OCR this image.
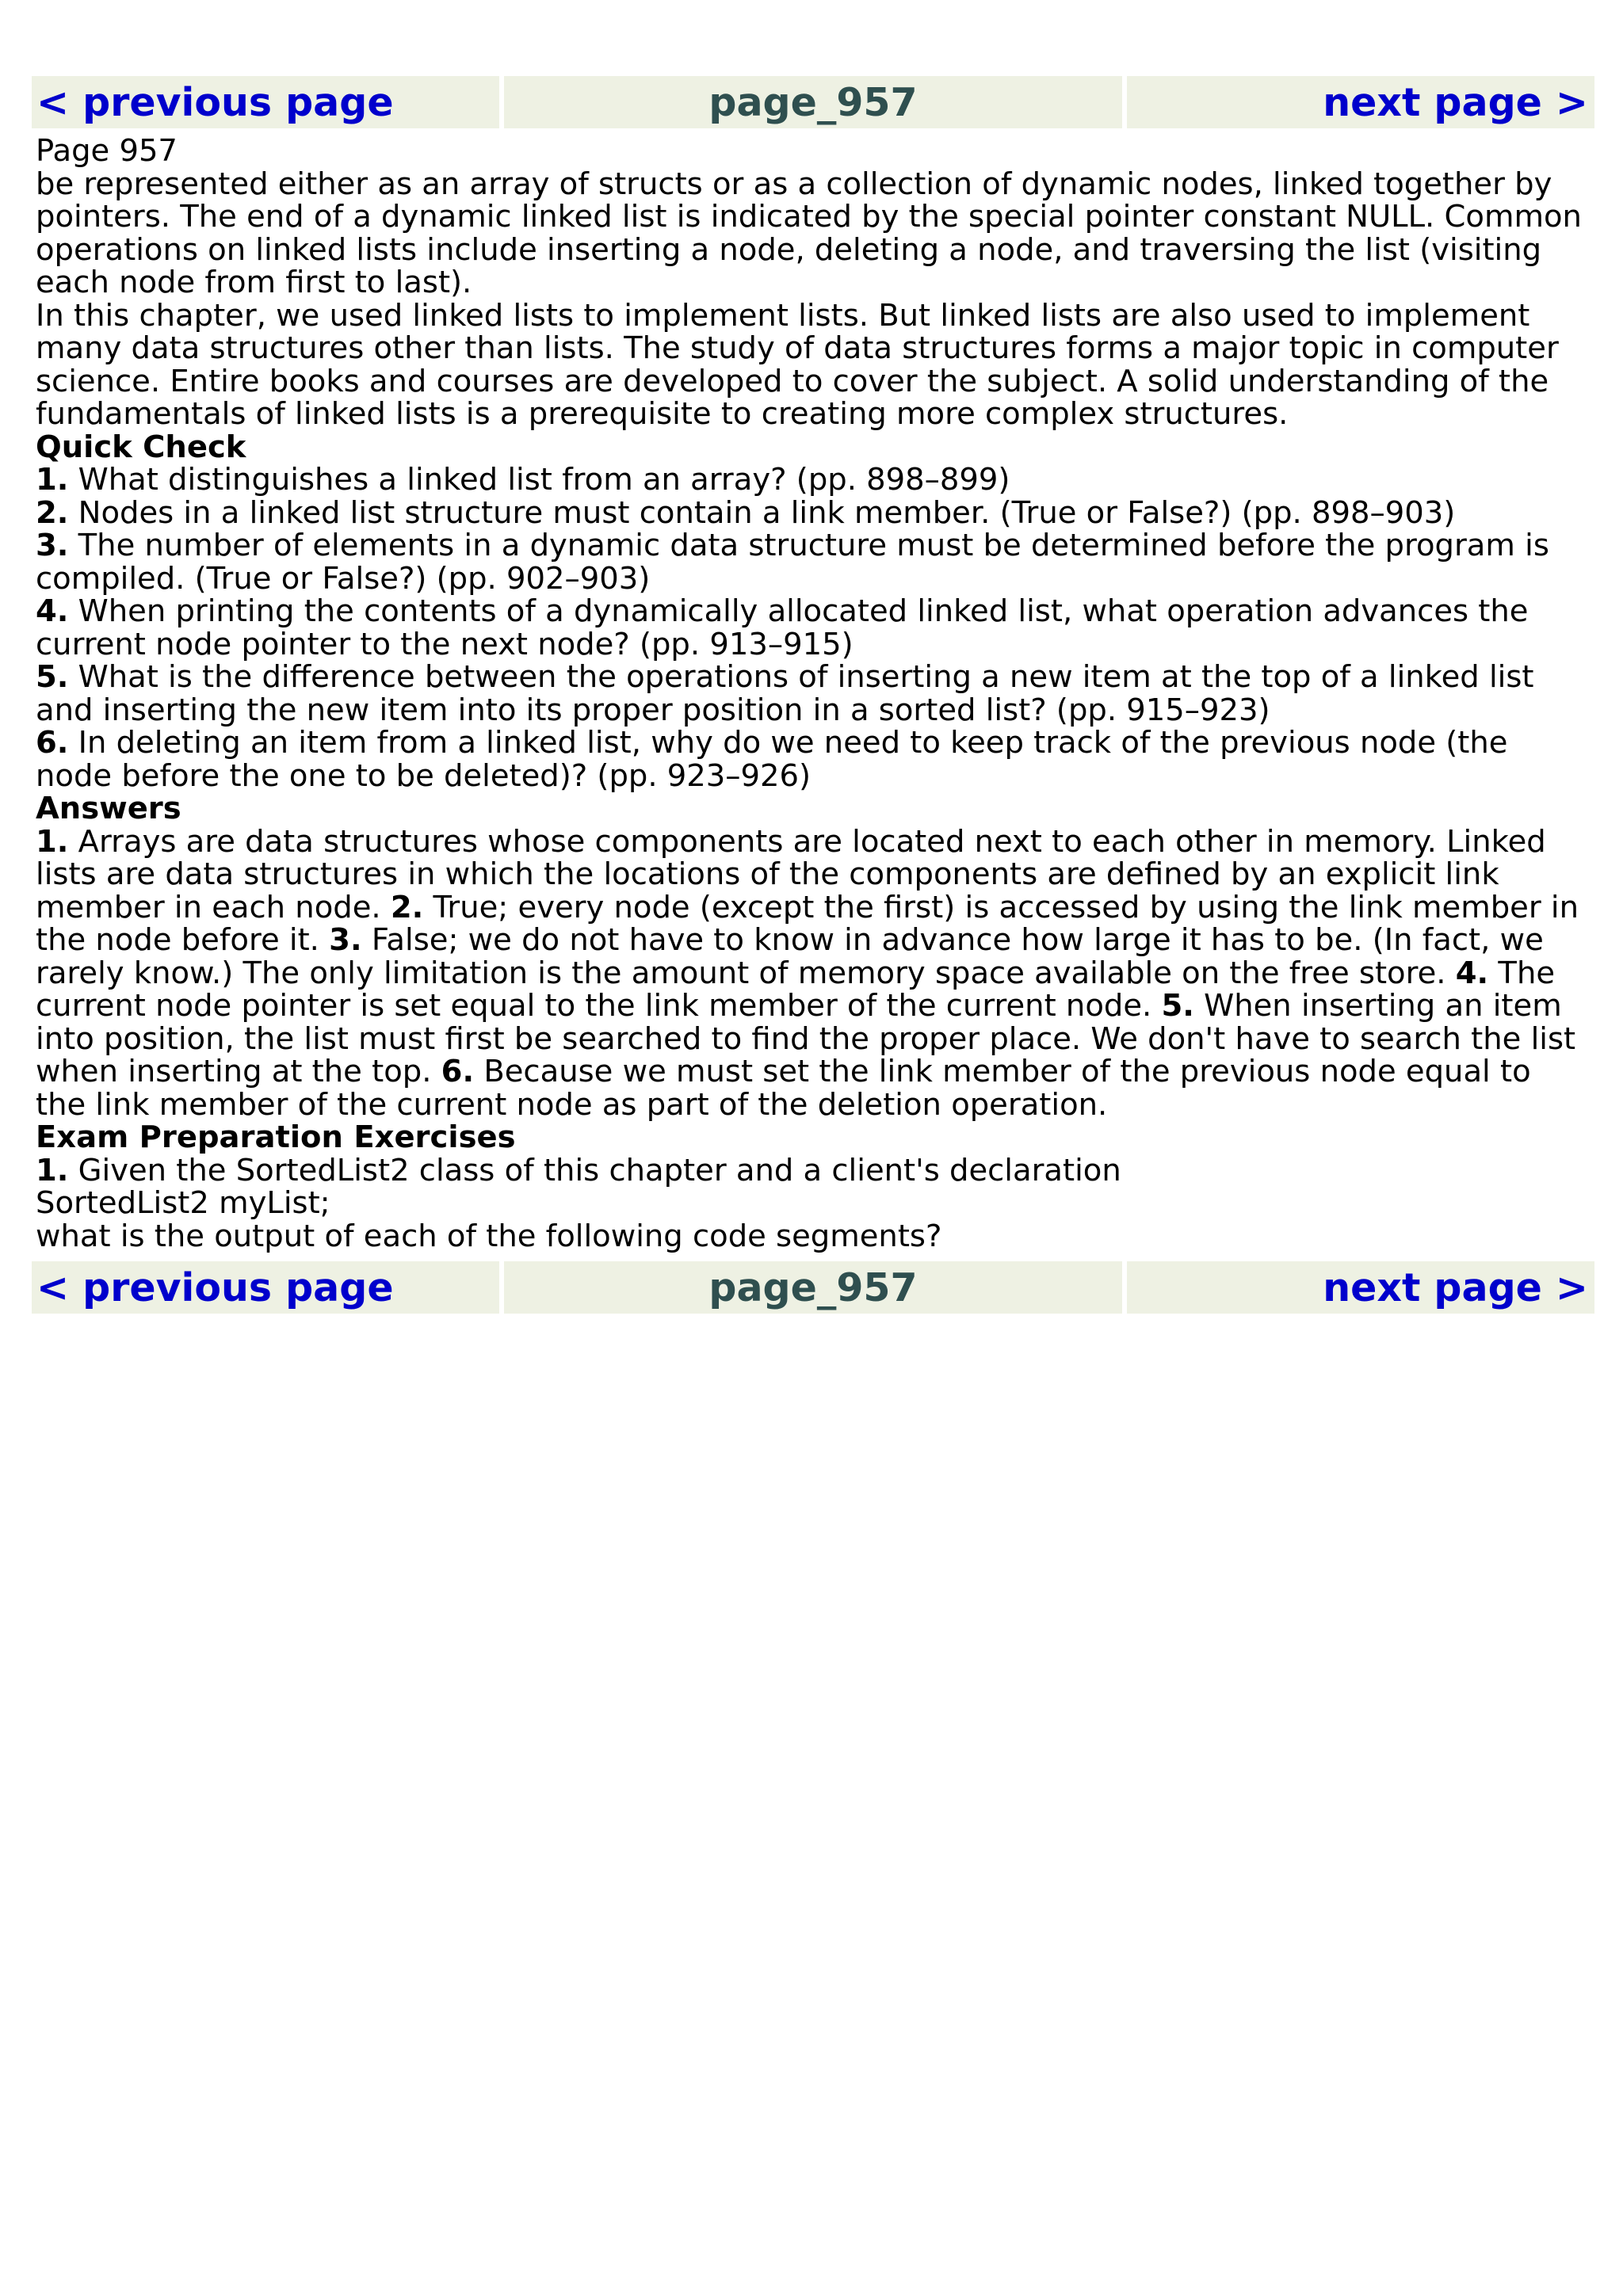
< previous page	page_957	next page >

Page 957

be represented either as an array of structs or as a collection of dynamic nodes, linked together by pointers. The end of a dynamic linked list is indicated by the special pointer constant NULL. Common operations on linked lists include inserting a node, deleting a node, and traversing the list (visiting each node from first to last).

In this chapter, we used linked lists to implement lists. But linked lists are also used to implement many data structures other than lists. The study of data structures forms a major topic in computer science. Entire books and courses are developed to cover the subject. A solid understanding of the fundamentals of linked lists is a prerequisite to creating more complex structures.

Quick Check

1. What distinguishes a linked list from an array? (pp. 898–899)

2. Nodes in a linked list structure must contain a link member. (True or False?) (pp. 898–903)

3. The number of elements in a dynamic data structure must be determined before the program is compiled. (True or False?) (pp. 902–903)

4. When printing the contents of a dynamically allocated linked list, what operation advances the current node pointer to the next node? (pp. 913–915)

5. What is the difference between the operations of inserting a new item at the top of a linked list and inserting the new item into its proper position in a sorted list? (pp. 915–923)

6. In deleting an item from a linked list, why do we need to keep track of the previous node (the node before the one to be deleted)? (pp. 923–926)

Answers

1. Arrays are data structures whose components are located next to each other in memory. Linked lists are data structures in which the locations of the components are defined by an explicit link member in each node. 2. True; every node (except the first) is accessed by using the link member in the node before it. 3. False; we do not have to know in advance how large it has to be. (In fact, we rarely know.) The only limitation is the amount of memory space available on the free store. 4. The current node pointer is set equal to the link member of the current node. 5. When inserting an item into position, the list must first be searched to find the proper place. We don't have to search the list when inserting at the top. 6. Because we must set the link member of the previous node equal to the link member of the current node as part of the deletion operation.

Exam Preparation Exercises

1. Given the SortedList2 class of this chapter and a client's declaration

SortedList2 myList;

what is the output of each of the following code segments?

< previous page	page_957	next page >
